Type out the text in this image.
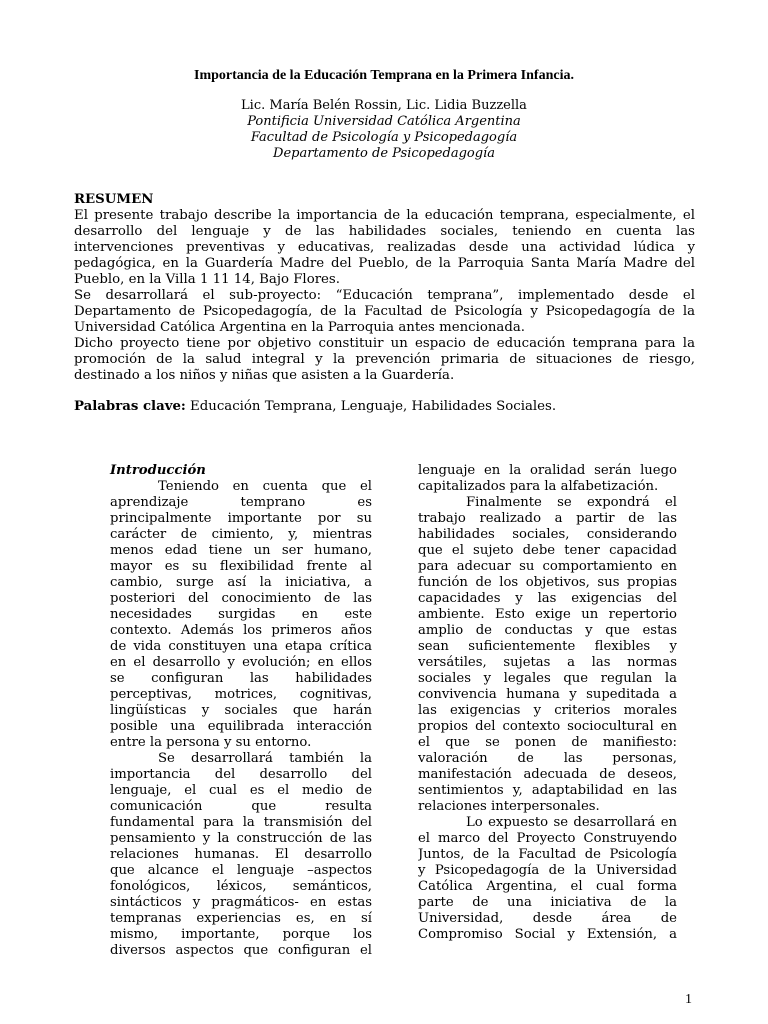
Importancia de la Educación Temprana en la Primera Infancia.
Lic. María Belén Rossin, Lic. Lidia Buzzella
Pontificia Universidad Católica Argentina
Facultad de Psicología y Psicopedagogía
Departamento de Psicopedagogía
RESUMEN
El presente trabajo describe la importancia de la educación temprana, especialmente, el
desarrollo del lenguaje y de las habilidades sociales, teniendo en cuenta las
intervenciones preventivas y educativas, realizadas desde una actividad lúdica y
pedagógica, en la Guardería Madre del Pueblo, de la Parroquia Santa María Madre del
Pueblo, en la Villa 1 11 14, Bajo Flores.
Se desarrollará el sub-proyecto: “Educación temprana”, implementado desde el
Departamento de Psicopedagogía, de la Facultad de Psicología y Psicopedagogía de la
Universidad Católica Argentina en la Parroquia antes mencionada.
Dicho proyecto tiene por objetivo constituir un espacio de educación temprana para la
promoción de la salud integral y la prevención primaria de situaciones de riesgo,
destinado a los niños y niñas que asisten a la Guardería.
Palabras clave: Educación Temprana, Lenguaje, Habilidades Sociales.
Introducción
Teniendo en cuenta que el
aprendizaje temprano es
principalmente importante por su
carácter de cimiento, y, mientras
menos edad tiene un ser humano,
mayor es su flexibilidad frente al
cambio, surge así la iniciativa, a
posteriori del conocimiento de las
necesidades surgidas en este
contexto. Además los primeros años
de vida constituyen una etapa crítica
en el desarrollo y evolución; en ellos
se configuran las habilidades
perceptivas, motrices, cognitivas,
lingüísticas y sociales que harán
posible una equilibrada interacción
entre la persona y su entorno.
Se desarrollará también la
importancia del desarrollo del
lenguaje, el cual es el medio de
comunicación que resulta
fundamental para la transmisión del
pensamiento y la construcción de las
relaciones humanas. El desarrollo
que alcance el lenguaje –aspectos
fonológicos, léxicos, semánticos,
sintácticos y pragmáticos- en estas
tempranas experiencias es, en sí
mismo, importante, porque los
diversos aspectos que configuran el
lenguaje en la oralidad serán luego
capitalizados para la alfabetización.
Finalmente se expondrá el
trabajo realizado a partir de las
habilidades sociales, considerando
que el sujeto debe tener capacidad
para adecuar su comportamiento en
función de los objetivos, sus propias
capacidades y las exigencias del
ambiente. Esto exige un repertorio
amplio de conductas y que estas
sean suficientemente flexibles y
versátiles, sujetas a las normas
sociales y legales que regulan la
convivencia humana y supeditada a
las exigencias y criterios morales
propios del contexto sociocultural en
el que se ponen de manifiesto:
valoración de las personas,
manifestación adecuada de deseos,
sentimientos y, adaptabilidad en las
relaciones interpersonales.
Lo expuesto se desarrollará en
el marco del Proyecto Construyendo
Juntos, de la Facultad de Psicología
y Psicopedagogía de la Universidad
Católica Argentina, el cual forma
parte de una iniciativa de la
Universidad, desde área de
Compromiso Social y Extensión, a
1
